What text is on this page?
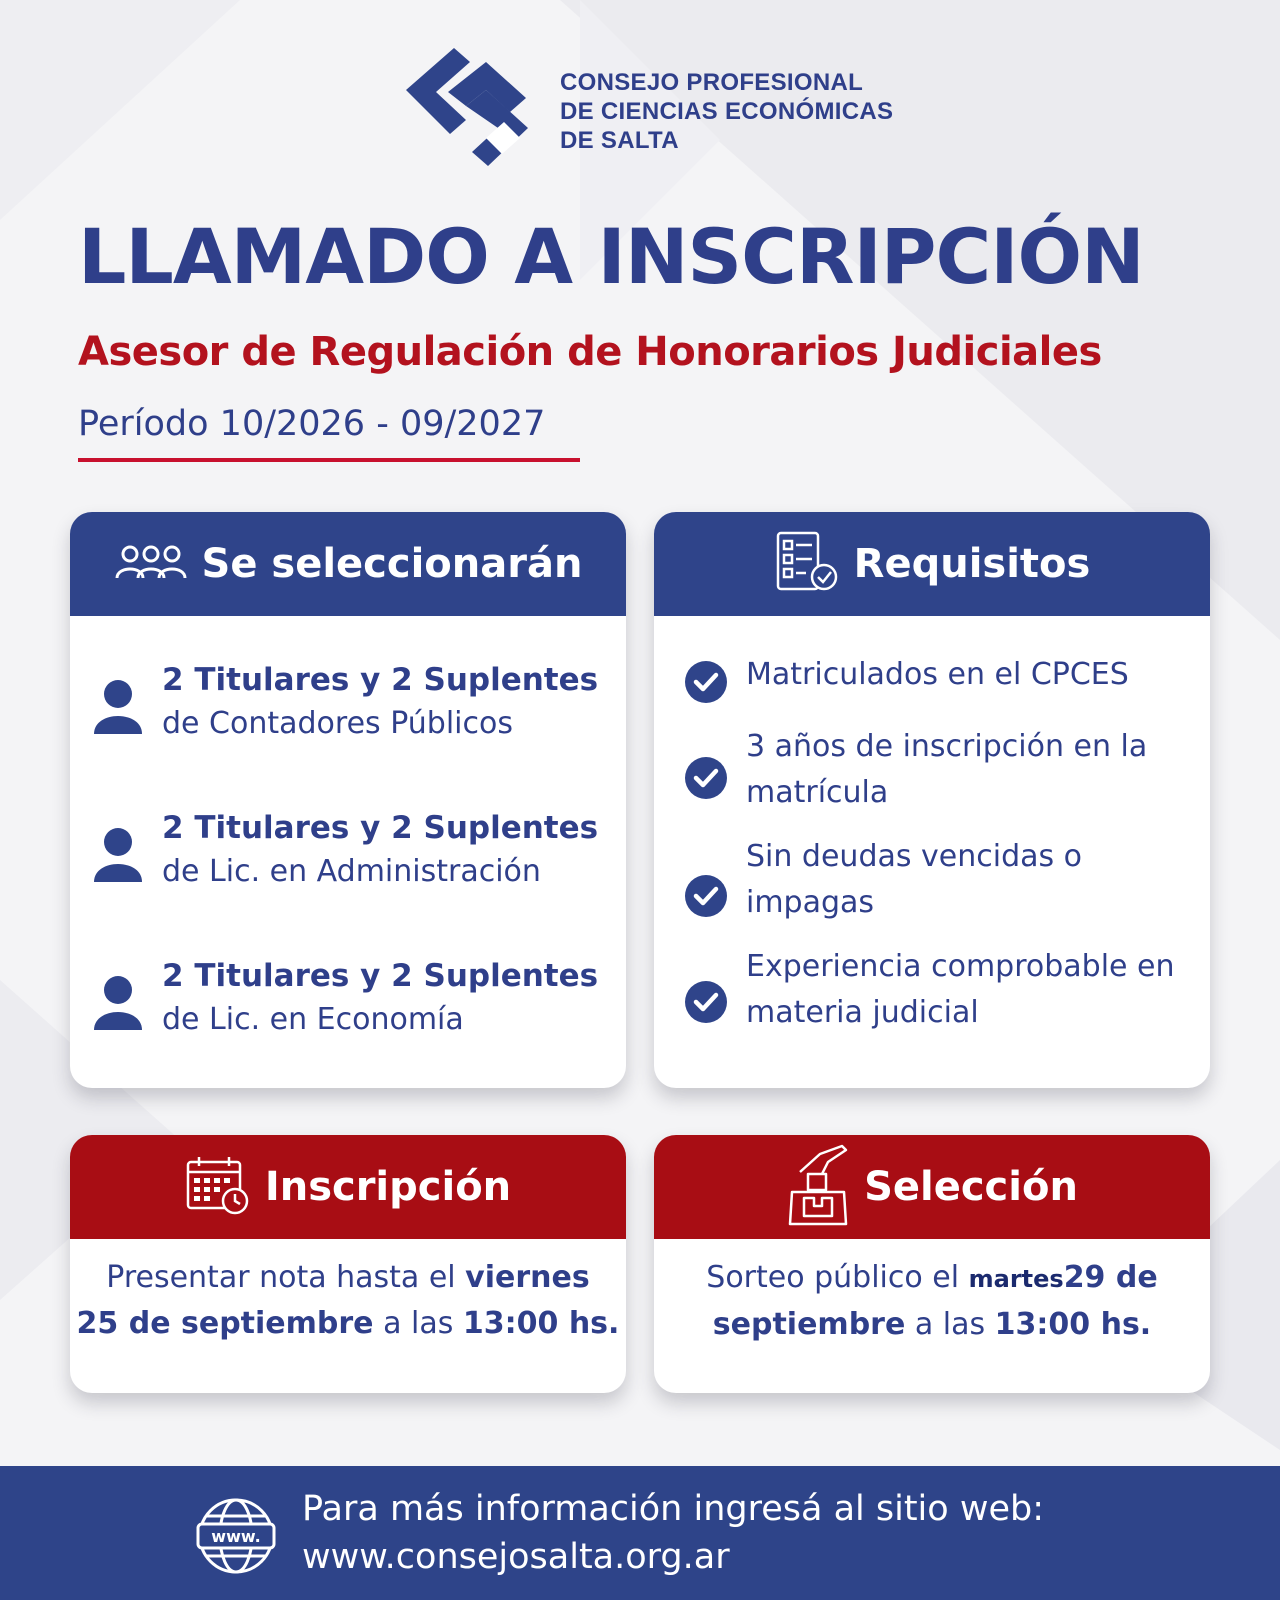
CONSEJO PROFESIONAL
DE CIENCIAS ECONÓMICAS
DE SALTA
LLAMADO A INSCRIPCIÓN
Asesor de Regulación de Honorarios Judiciales
Período 10/2026 - 09/2027
Se seleccionarán
2 Titulares y 2 Suplentes
de Contadores Públicos
2 Titulares y 2 Suplentes
de Lic. en Administración
2 Titulares y 2 Suplentes
de Lic. en Economía
Requisitos
Matriculados en el CPCES
3 años de inscripción en la matrícula
Sin deudas vencidas o impagas
Experiencia comprobable en materia judicial
Inscripción
Presentar nota hasta el viernes
25 de septiembre a las 13:00 hs.
Selección
Sorteo público el martes29 de
septiembre a las 13:00 hs.
www.
Para más información ingresá al sitio web:
www.consejosalta.org.ar
